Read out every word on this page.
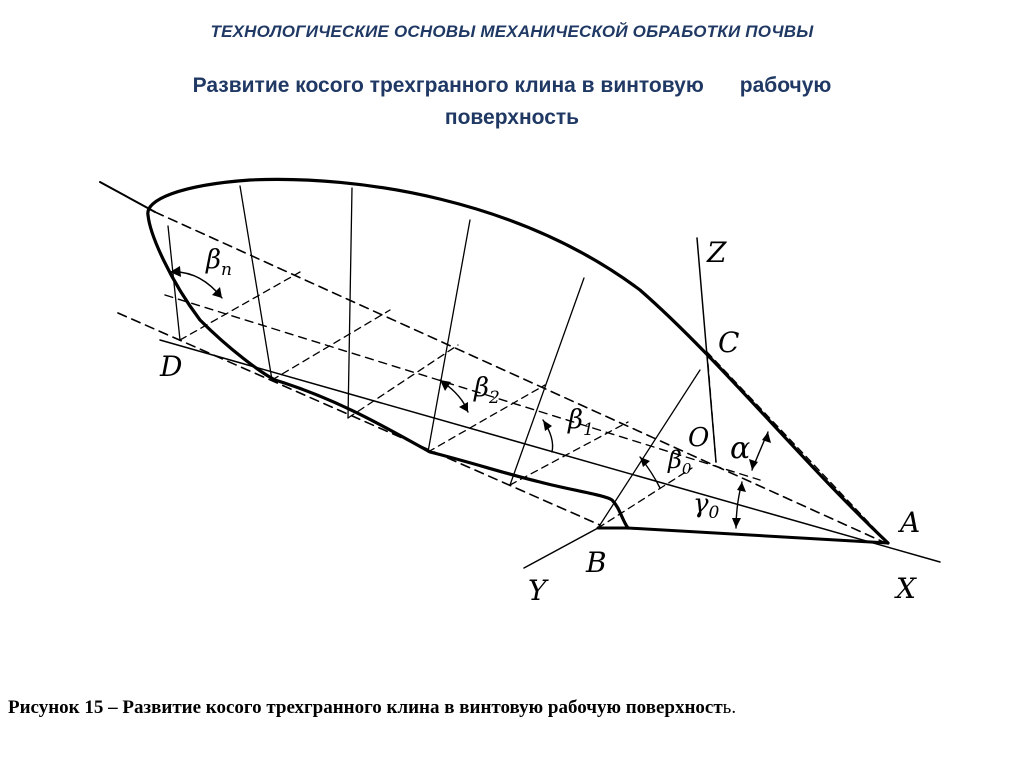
ТЕХНОЛОГИЧЕСКИЕ ОСНОВЫ МЕХАНИЧЕСКОЙ ОБРАБОТКИ ПОЧВЫ
Развитие косого трехгранного клина в винтовую рабочую
поверхность
Z
C
D
O
A
B
X
Y
α
$\gamma_0$
$\beta_n$
$\beta_2$
$\beta_1$
$\beta_0$
Рисунок 15 – Развитие косого трехгранного клина в винтовую рабочую поверхность.
